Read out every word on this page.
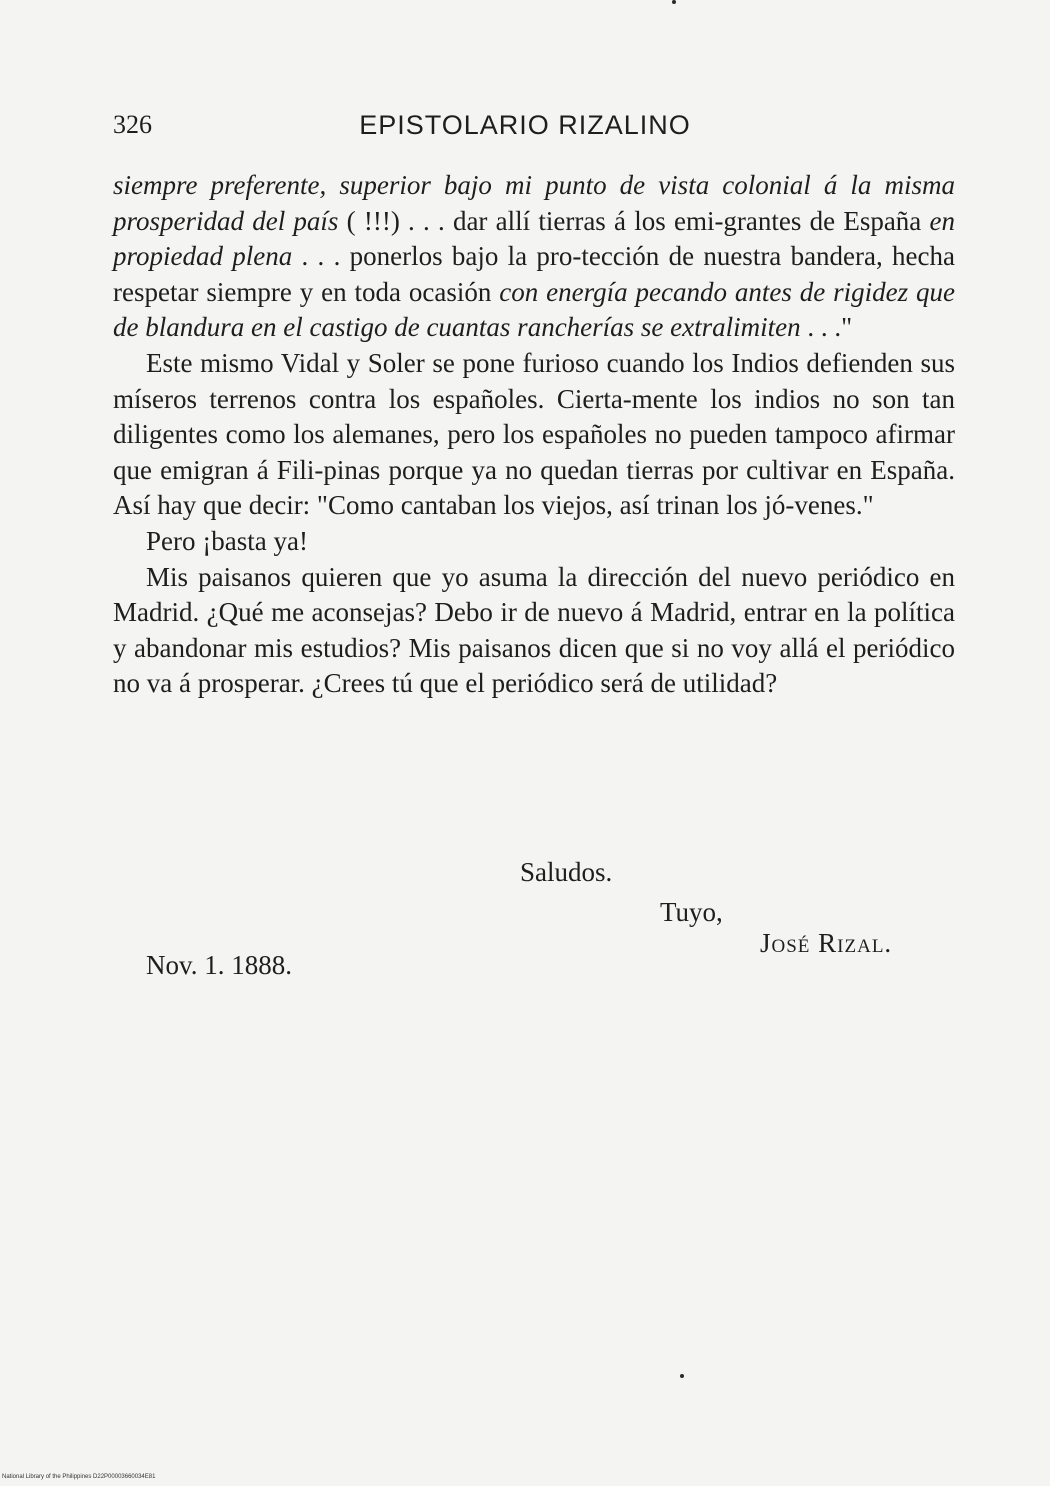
326	EPISTOLARIO RIZALINO

siempre preferente, superior bajo mi punto de vista colonial á la misma prosperidad del país ( !!!) . . . dar allí tierras á los emi-grantes de España en propiedad plena . . . ponerlos bajo la pro-tección de nuestra bandera, hecha respetar siempre y en toda ocasión con energía pecando antes de rigidez que de blandura en el castigo de cuantas rancherías se extralimiten . . ."

Este mismo Vidal y Soler se pone furioso cuando los Indios defienden sus míseros terrenos contra los españoles. Cierta-mente los indios no son tan diligentes como los alemanes, pero los españoles no pueden tampoco afirmar que emigran á Fili-pinas porque ya no quedan tierras por cultivar en España. Así hay que decir: "Como cantaban los viejos, así trinan los jó-venes."

Pero ¡basta ya!

Mis paisanos quieren que yo asuma la dirección del nuevo periódico en Madrid. ¿Qué me aconsejas? Debo ir de nuevo á Madrid, entrar en la política y abandonar mis estudios? Mis paisanos dicen que si no voy allá el periódico no va á prosperar. ¿Crees tú que el periódico será de utilidad?

Saludos.
Tuyo,
José Rizal.
Nov. 1. 1888.
National Library of the Philippines D22P00003660034E81
